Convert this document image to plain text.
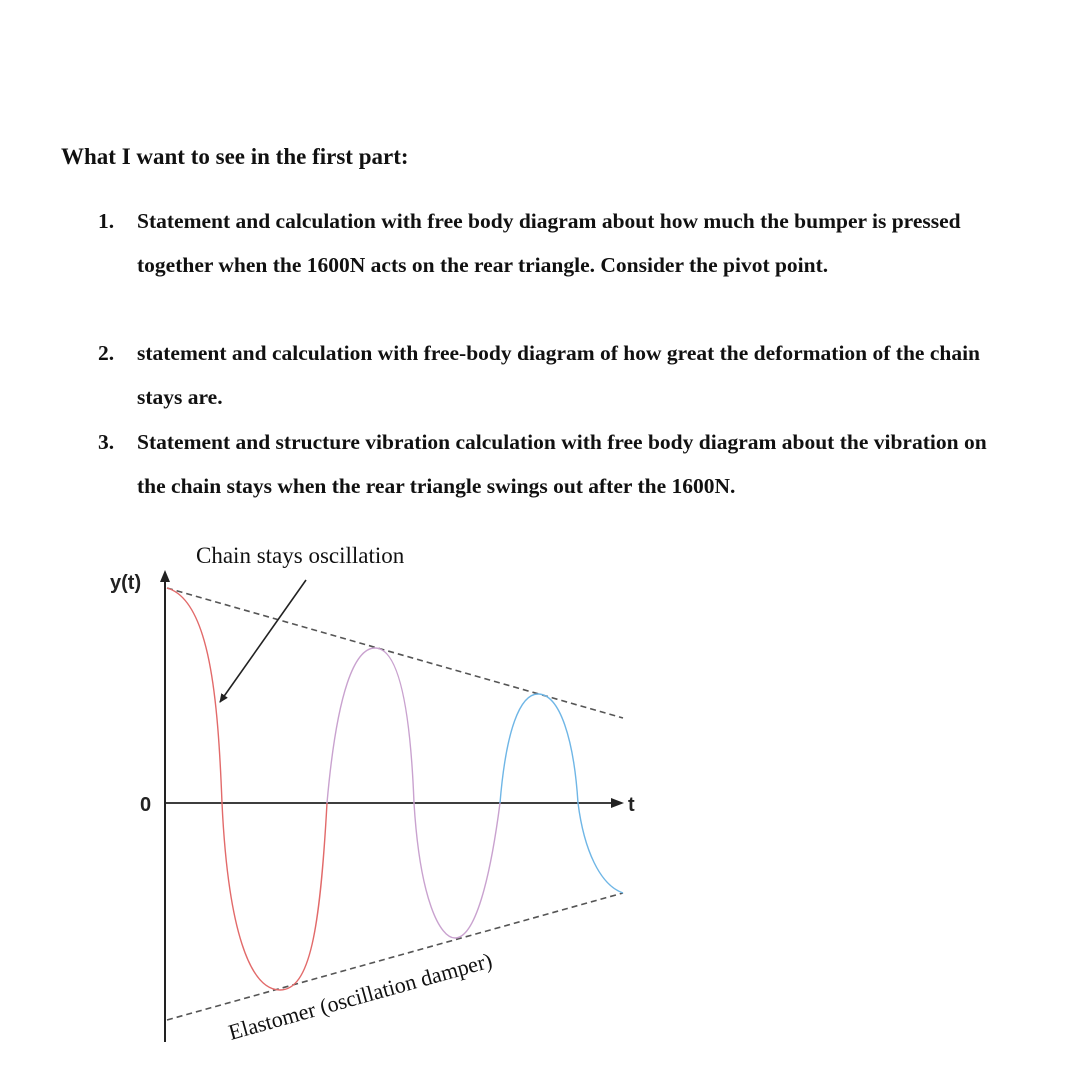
What I want to see in the first part:
1. Statement and calculation with free body diagram about how much the bumper is pressed together when the 1600N acts on the rear triangle. Consider the pivot point.
2. statement and calculation with free-body diagram of how great the deformation of the chain stays are.
3. Statement and structure vibration calculation with free body diagram about the vibration on the chain stays when the rear triangle swings out after the 1600N.
y(t)
0	t
Chain stays oscillation
Elastomer (oscillation damper)
